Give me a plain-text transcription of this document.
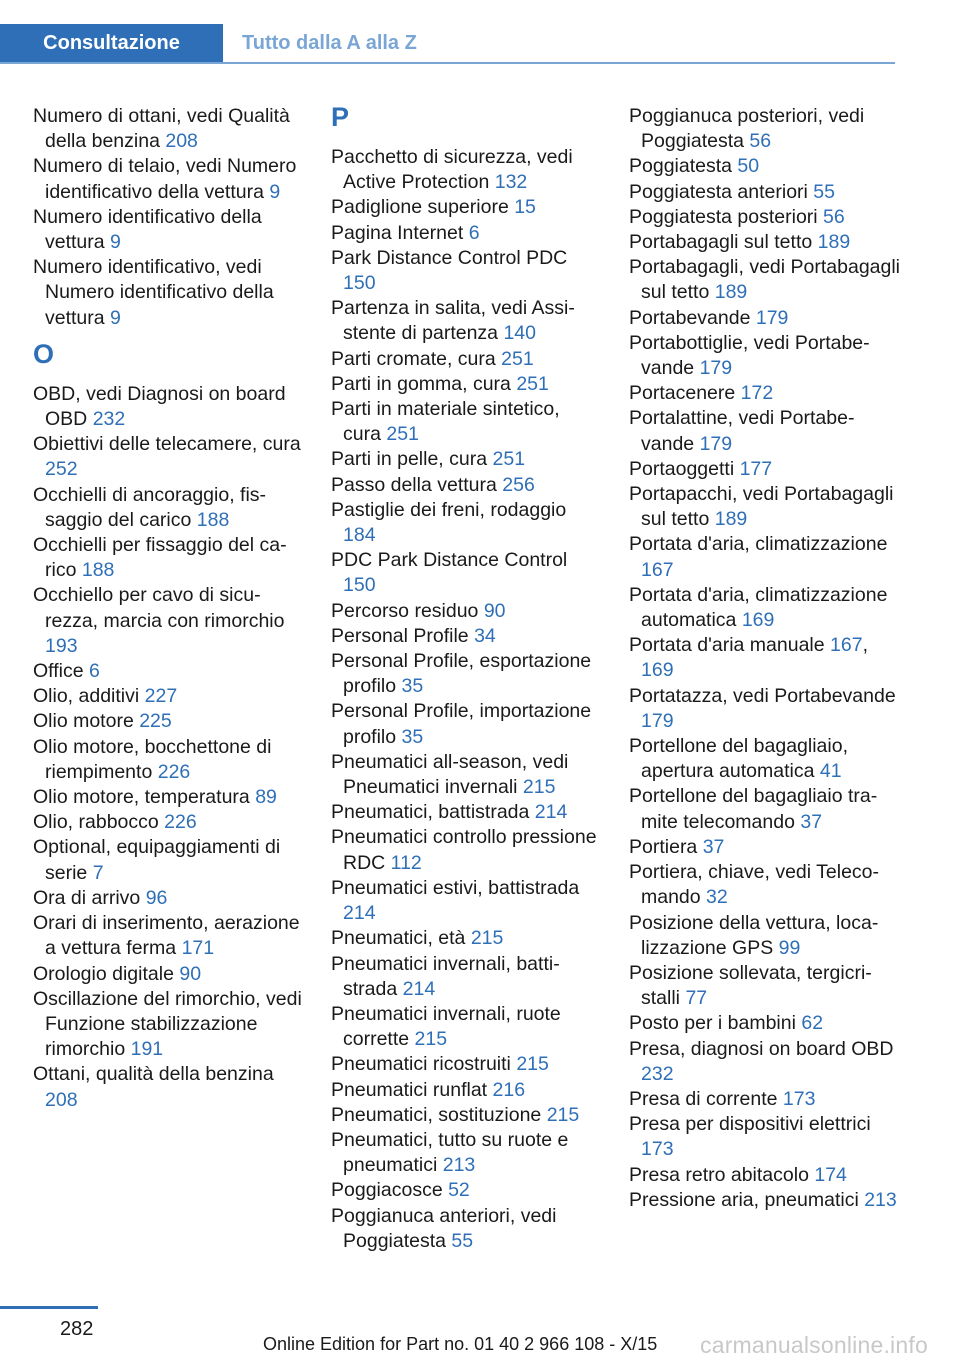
Consultazione	Tutto dalla A alla Z

Numero di ottani, vedi Qualità della benzina 208

Numero di telaio, vedi Numero identificativo della vettura 9

Numero identificativo della vettura 9

Numero identificativo, vedi Numero identificativo della vettura 9

O

OBD, vedi Diagnosi on board OBD 232

Obiettivi delle telecamere, cura 252

Occhielli di ancoraggio, fissaggio del carico 188

Occhielli per fissaggio del carico 188

Occhiello per cavo di sicurezza, marcia con rimorchio 193

Office 6

Olio, additivi 227

Olio motore 225

Olio motore, bocchettone di riempimento 226

Olio motore, temperatura 89

Olio, rabbocco 226

Optional, equipaggiamenti di serie 7

Ora di arrivo 96

Orari di inserimento, aerazione a vettura ferma 171

Orologio digitale 90

Oscillazione del rimorchio, vedi Funzione stabilizzazione rimorchio 191

Ottani, qualità della benzina 208

P

Pacchetto di sicurezza, vedi Active Protection 132

Padiglione superiore 15

Pagina Internet 6

Park Distance Control PDC 150

Partenza in salita, vedi Assistente di partenza 140

Parti cromate, cura 251

Parti in gomma, cura 251

Parti in materiale sintetico, cura 251

Parti in pelle, cura 251

Passo della vettura 256

Pastiglie dei freni, rodaggio 184

PDC Park Distance Control 150

Percorso residuo 90

Personal Profile 34

Personal Profile, esportazione profilo 35

Personal Profile, importazione profilo 35

Pneumatici all-season, vedi Pneumatici invernali 215

Pneumatici, battistrada 214

Pneumatici controllo pressione RDC 112

Pneumatici estivi, battistrada 214

Pneumatici, età 215

Pneumatici invernali, battistrada 214

Pneumatici invernali, ruote corrette 215

Pneumatici ricostruiti 215

Pneumatici runflat 216

Pneumatici, sostituzione 215

Pneumatici, tutto su ruote e pneumatici 213

Poggiacosce 52

Poggianuca anteriori, vedi Poggiatesta 55

Poggianuca posteriori, vedi Poggiatesta 56

Poggiatesta 50

Poggiatesta anteriori 55

Poggiatesta posteriori 56

Portabagagli sul tetto 189

Portabagagli, vedi Portabagagli sul tetto 189

Portabevande 179

Portabottiglie, vedi Portabevande 179

Portacenere 172

Portalattine, vedi Portabevande 179

Portaoggetti 177

Portapacchi, vedi Portabagagli sul tetto 189

Portata d'aria, climatizzazione 167

Portata d'aria, climatizzazione automatica 169

Portata d'aria manuale 167, 169

Portatazza, vedi Portabevande 179

Portellone del bagagliaio, apertura automatica 41

Portellone del bagagliaio tramite telecomando 37

Portiera 37

Portiera, chiave, vedi Telecomando 32

Posizione della vettura, localizzazione GPS 99

Posizione sollevata, tergicristalli 77

Posto per i bambini 62

Presa, diagnosi on board OBD 232

Presa di corrente 173

Presa per dispositivi elettrici 173

Presa retro abitacolo 174

Pressione aria, pneumatici 213

282
Online Edition for Part no. 01 40 2 966 108 - X/15 carmanualsonline.info
